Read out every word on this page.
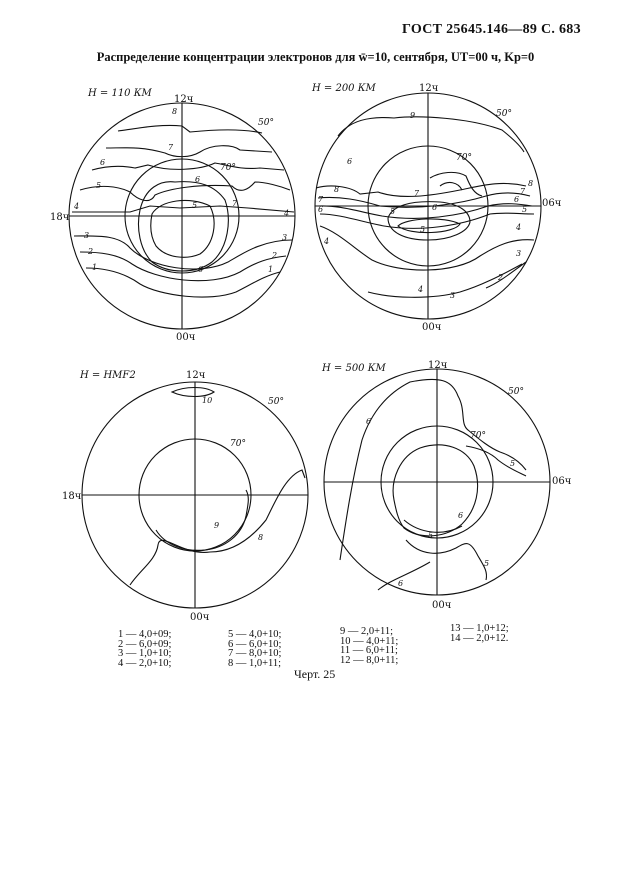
ГОСТ 25645.146—89 С. 683
Распределение концентрации электронов для w̄=10, сентября, UT=00 ч, Kp=0
H = 110 КМ
12ч
00ч
18ч
50°
70°
8
7
6
5
4
3
2
1
6
5	7
4
3
2
1
6
H = 200 КМ	12ч
00ч
06ч
50°
70°
9
6
8
7
6
4
7
6
5
5
8
7
6
5
4
3
2
4
3
H = HMF2	12ч
00ч
18ч
50°
70°
10
9
8
H = 500 КМ	12ч
00ч
06ч
50°
70°
6
5
6
5
5
6
1 — 4,0+09;
2 — 6,0+09;
3 — 1,0+10;
4 — 2,0+10;
5 — 4,0+10;
6 — 6,0+10;
7 — 8,0+10;
8 — 1,0+11;
9 — 2,0+11;
10 — 4,0+11;
11 — 6,0+11;
12 — 8,0+11;
13 — 1,0+12;
14 — 2,0+12.
Черт. 25
